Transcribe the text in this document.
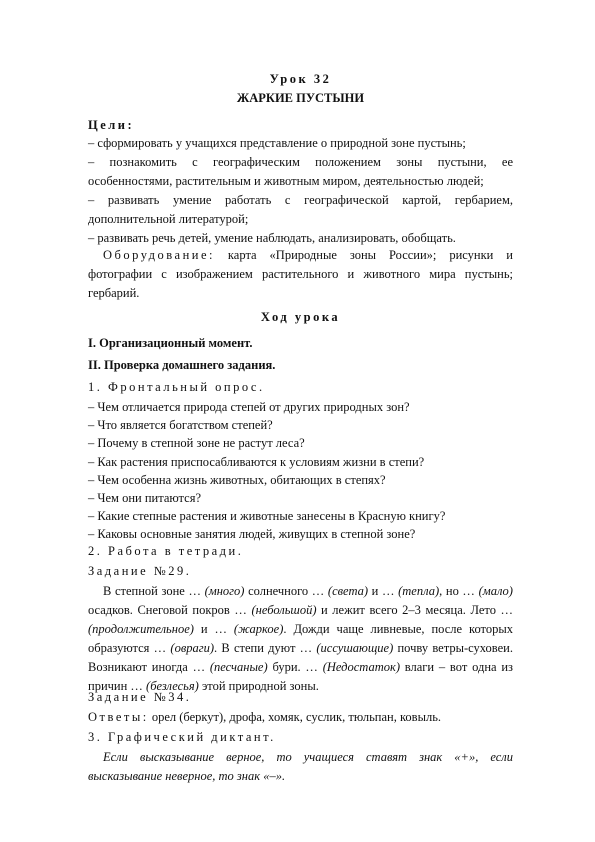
Урок 32
ЖАРКИЕ ПУСТЫНИ
Цели:

– сформировать у учащихся представление о природной зоне пустынь;

– познакомить с географическим положением зоны пустыни, ее особенностями, растительным и животным миром, деятельностью людей;

– развивать умение работать с географической картой, гербарием, дополнительной литературой;

– развивать речь детей, умение наблюдать, анализировать, обобщать.

Оборудование: карта «Природные зоны России»; рисунки и фотографии с изображением растительного и животного мира пустынь; гербарий.

Ход урока
I. Организационный момент.
II. Проверка домашнего задания.
1. Фронтальный опрос.

– Чем отличается природа степей от других природных зон?

– Что является богатством степей?

– Почему в степной зоне не растут леса?

– Как растения приспосабливаются к условиям жизни в степи?

– Чем особенна жизнь животных, обитающих в степях?

– Чем они питаются?

– Какие степные растения и животные занесены в Красную книгу?

– Каковы основные занятия людей, живущих в степной зоне?

2. Работа в тетради.
Задание №29.

В степной зоне … (много) солнечного … (света) и … (тепла), но … (мало) осадков. Снеговой покров … (небольшой) и лежит всего 2–3 месяца. Лето … (продолжительное) и … (жаркое). Дожди чаще ливневые, после которых образуются … (овраги). В степи дуют … (иссушающие) почву ветры-суховеи. Возникают иногда … (песчаные) бури. … (Недостаток) влаги – вот одна из причин … (безлесья) этой природной зоны.

Задание №34.

Ответы: орел (беркут), дрофа, хомяк, суслик, тюльпан, ковыль.

3. Графический диктант.

Если высказывание верное, то учащиеся ставят знак «+», если высказывание неверное, то знак «–».
